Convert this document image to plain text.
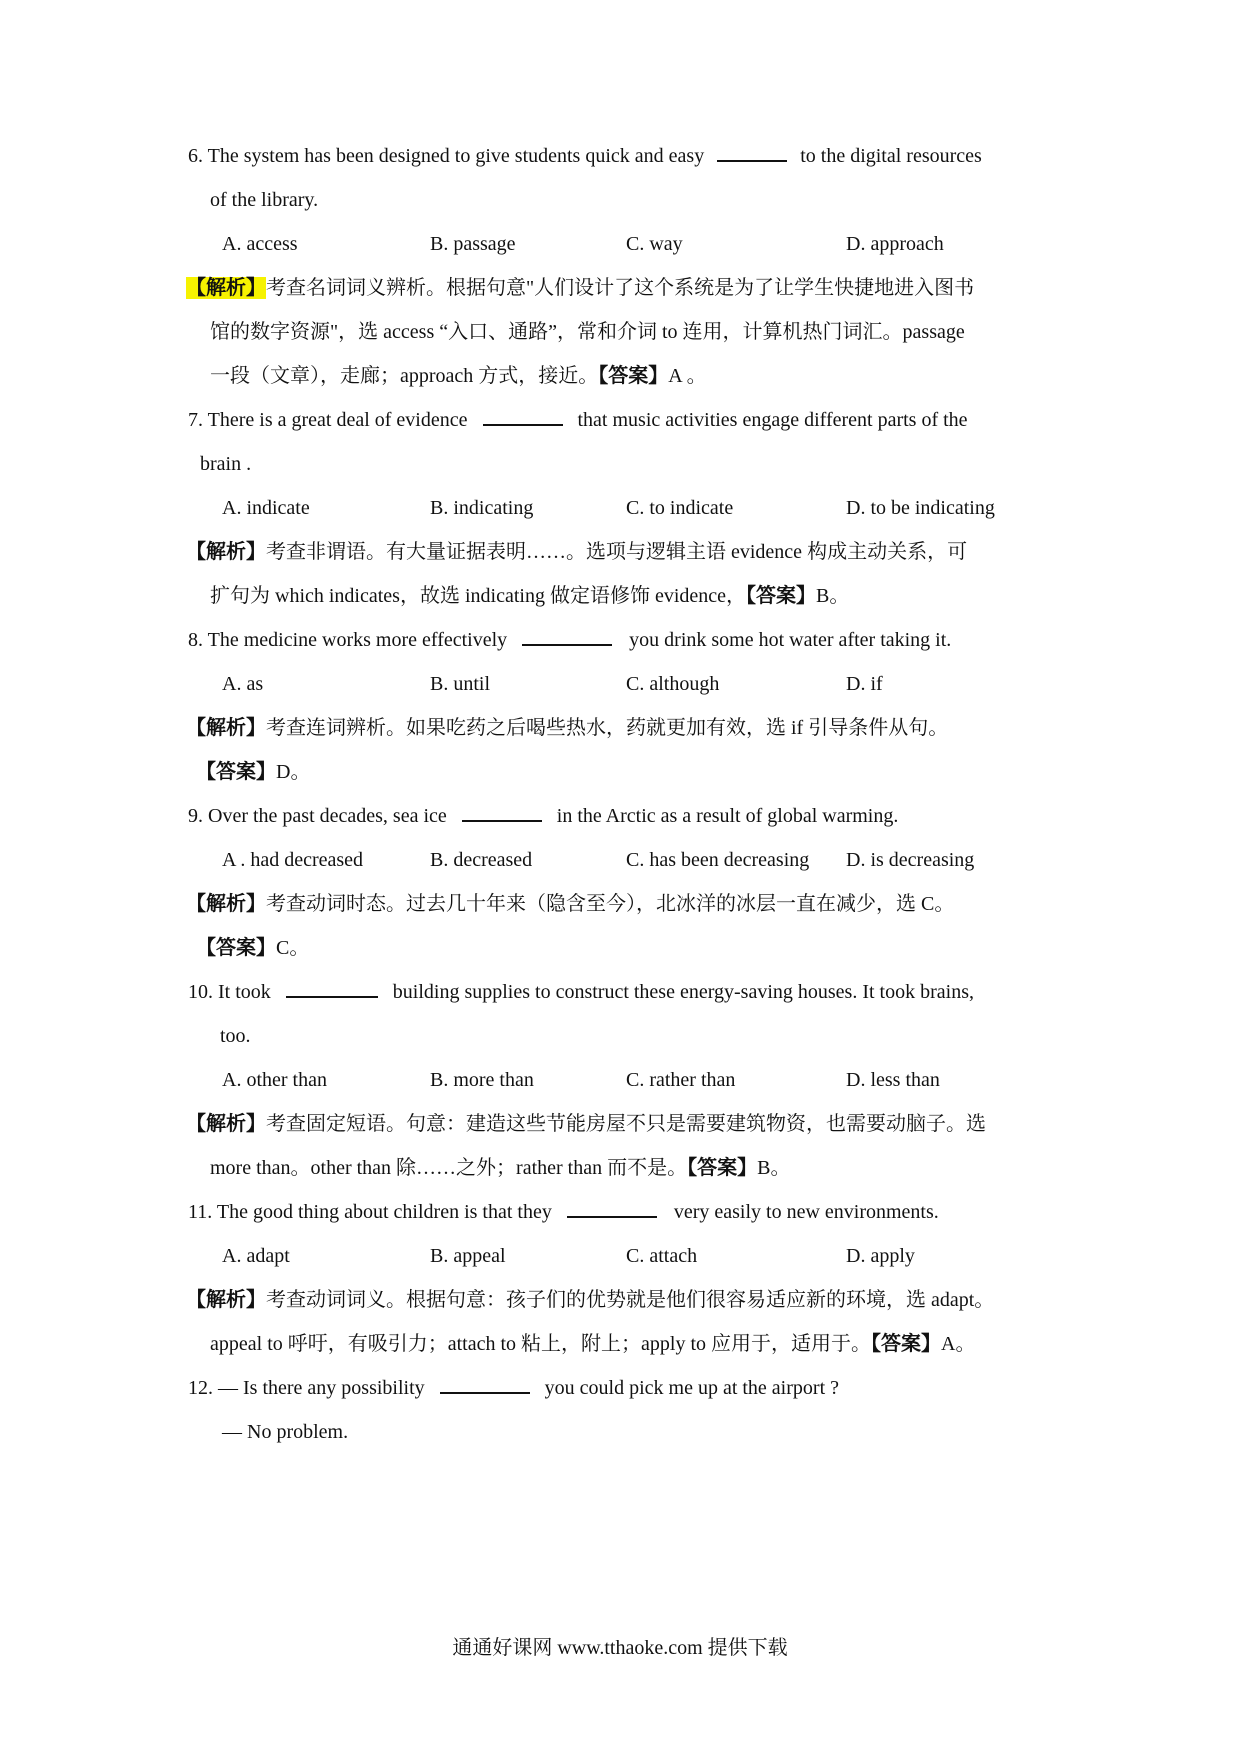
6. The system has been designed to give students quick and easy	to the digital resources
of the library.
A. access	B. passage	C. way	D. approach
【解析】考查名词词义辨析。根据句意"人们设计了这个系统是为了让学生快捷地进入图书
馆的数字资源"，选 access “入口、通路”，常和介词 to 连用，计算机热门词汇。passage
一段（文章），走廊；approach 方式，接近。【答案】A 。
7. There is a great deal of evidence	that music activities engage different parts of the
brain .
A. indicate	B. indicating	C. to indicate	D. to be indicating
【解析】考查非谓语。有大量证据表明……。选项与逻辑主语 evidence 构成主动关系，可
扩句为 which indicates，故选 indicating 做定语修饰 evidence，【答案】B。
8. The medicine works more effectively	you drink some hot water after taking it.
A. as	B. until	C. although	D. if
【解析】考查连词辨析。如果吃药之后喝些热水，药就更加有效，选 if 引导条件从句。
【答案】D。
9. Over the past decades, sea ice	in the Arctic as a result of global warming.
A . had decreased	B. decreased	C. has been decreasing D. is decreasing
【解析】考查动词时态。过去几十年来（隐含至今），北冰洋的冰层一直在减少，选 C。
【答案】C。
10. It took	building supplies to construct these energy-saving houses. It took brains,
too.
A. other than	B. more than	C. rather than	D. less than
【解析】考查固定短语。句意：建造这些节能房屋不只是需要建筑物资，也需要动脑子。选
more than。other than 除……之外；rather than 而不是。【答案】B。
11. The good thing about children is that they	very easily to new environments.
A. adapt	B. appeal	C. attach	D. apply
【解析】考查动词词义。根据句意：孩子们的优势就是他们很容易适应新的环境，选 adapt。
appeal to 呼吁，有吸引力；attach to 粘上，附上；apply to 应用于，适用于。【答案】A。
12. — Is there any possibility	you could pick me up at the airport ?
— No problem.
通通好课网 www.tthaoke.com 提供下载
